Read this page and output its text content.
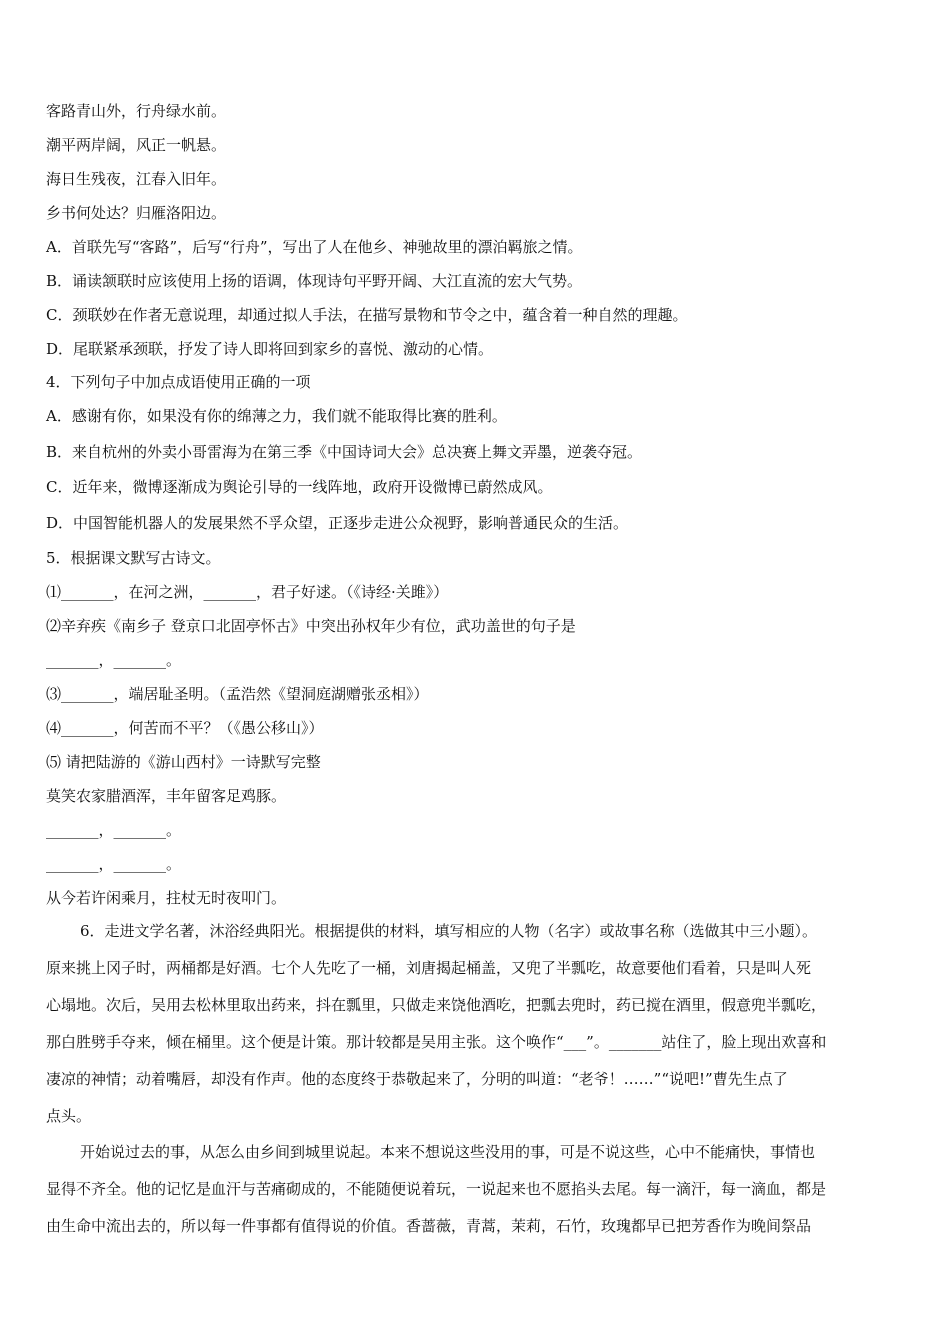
客路青山外，行舟绿水前。
潮平两岸阔，风正一帆悬。
海日生残夜，江春入旧年。
乡书何处达？归雁洛阳边。
A．首联先写“客路”，后写“行舟”，写出了人在他乡、神驰故里的漂泊羁旅之情。
B．诵读颔联时应该使用上扬的语调，体现诗句平野开阔、大江直流的宏大气势。
C．颈联妙在作者无意说理，却通过拟人手法，在描写景物和节令之中，蕴含着一种自然的理趣。
D．尾联紧承颈联，抒发了诗人即将回到家乡的喜悦、激动的心情。
4．下列句子中加点成语使用正确的一项
A．感谢有你，如果没有你的绵薄之力，我们就不能取得比赛的胜利。
B．来自杭州的外卖小哥雷海为在第三季《中国诗词大会》总决赛上舞文弄墨，逆袭夺冠。
C．近年来，微博逐渐成为舆论引导的一线阵地，政府开设微博已蔚然成风。
D．中国智能机器人的发展果然不孚众望，正逐步走进公众视野，影响普通民众的生活。
5．根据课文默写古诗文。
⑴_______，在河之洲，_______，君子好逑。（《诗经·关雎》）
⑵辛弃疾《南乡子 登京口北固亭怀古》中突出孙权年少有位，武功盖世的句子是
_______，_______。
⑶_______，端居耻圣明。（孟浩然《望洞庭湖赠张丞相》）
⑷_______，何苦而不平？（《愚公移山》）
⑸ 请把陆游的《游山西村》一诗默写完整
莫笑农家腊酒浑，丰年留客足鸡豚。
_______，_______。
_______，_______。
从今若许闲乘月，拄杖无时夜叩门。
6．走进文学名著，沐浴经典阳光。根据提供的材料，填写相应的人物（名字）或故事名称（选做其中三小题）。
原来挑上冈子时，两桶都是好酒。七个人先吃了一桶，刘唐揭起桶盖，又兜了半瓢吃，故意要他们看着，只是叫人死
心塌地。次后，吴用去松林里取出药来，抖在瓢里，只做走来饶他酒吃，把瓢去兜时，药已搅在酒里，假意兜半瓢吃，
那白胜劈手夺来，倾在桶里。这个便是计策。那计较都是吴用主张。这个唤作“___”。_______站住了，脸上现出欢喜和
凄凉的神情；动着嘴唇，却没有作声。他的态度终于恭敬起来了，分明的叫道：“老爷！……”“说吧!”曹先生点了
点头。
开始说过去的事，从怎么由乡间到城里说起。本来不想说这些没用的事，可是不说这些，心中不能痛快，事情也
显得不齐全。他的记忆是血汗与苦痛砌成的，不能随便说着玩，一说起来也不愿掐头去尾。每一滴汗，每一滴血，都是
由生命中流出去的，所以每一件事都有值得说的价值。香蔷薇，青蒿，茉莉，石竹，玫瑰都早已把芳香作为晚间祭品
